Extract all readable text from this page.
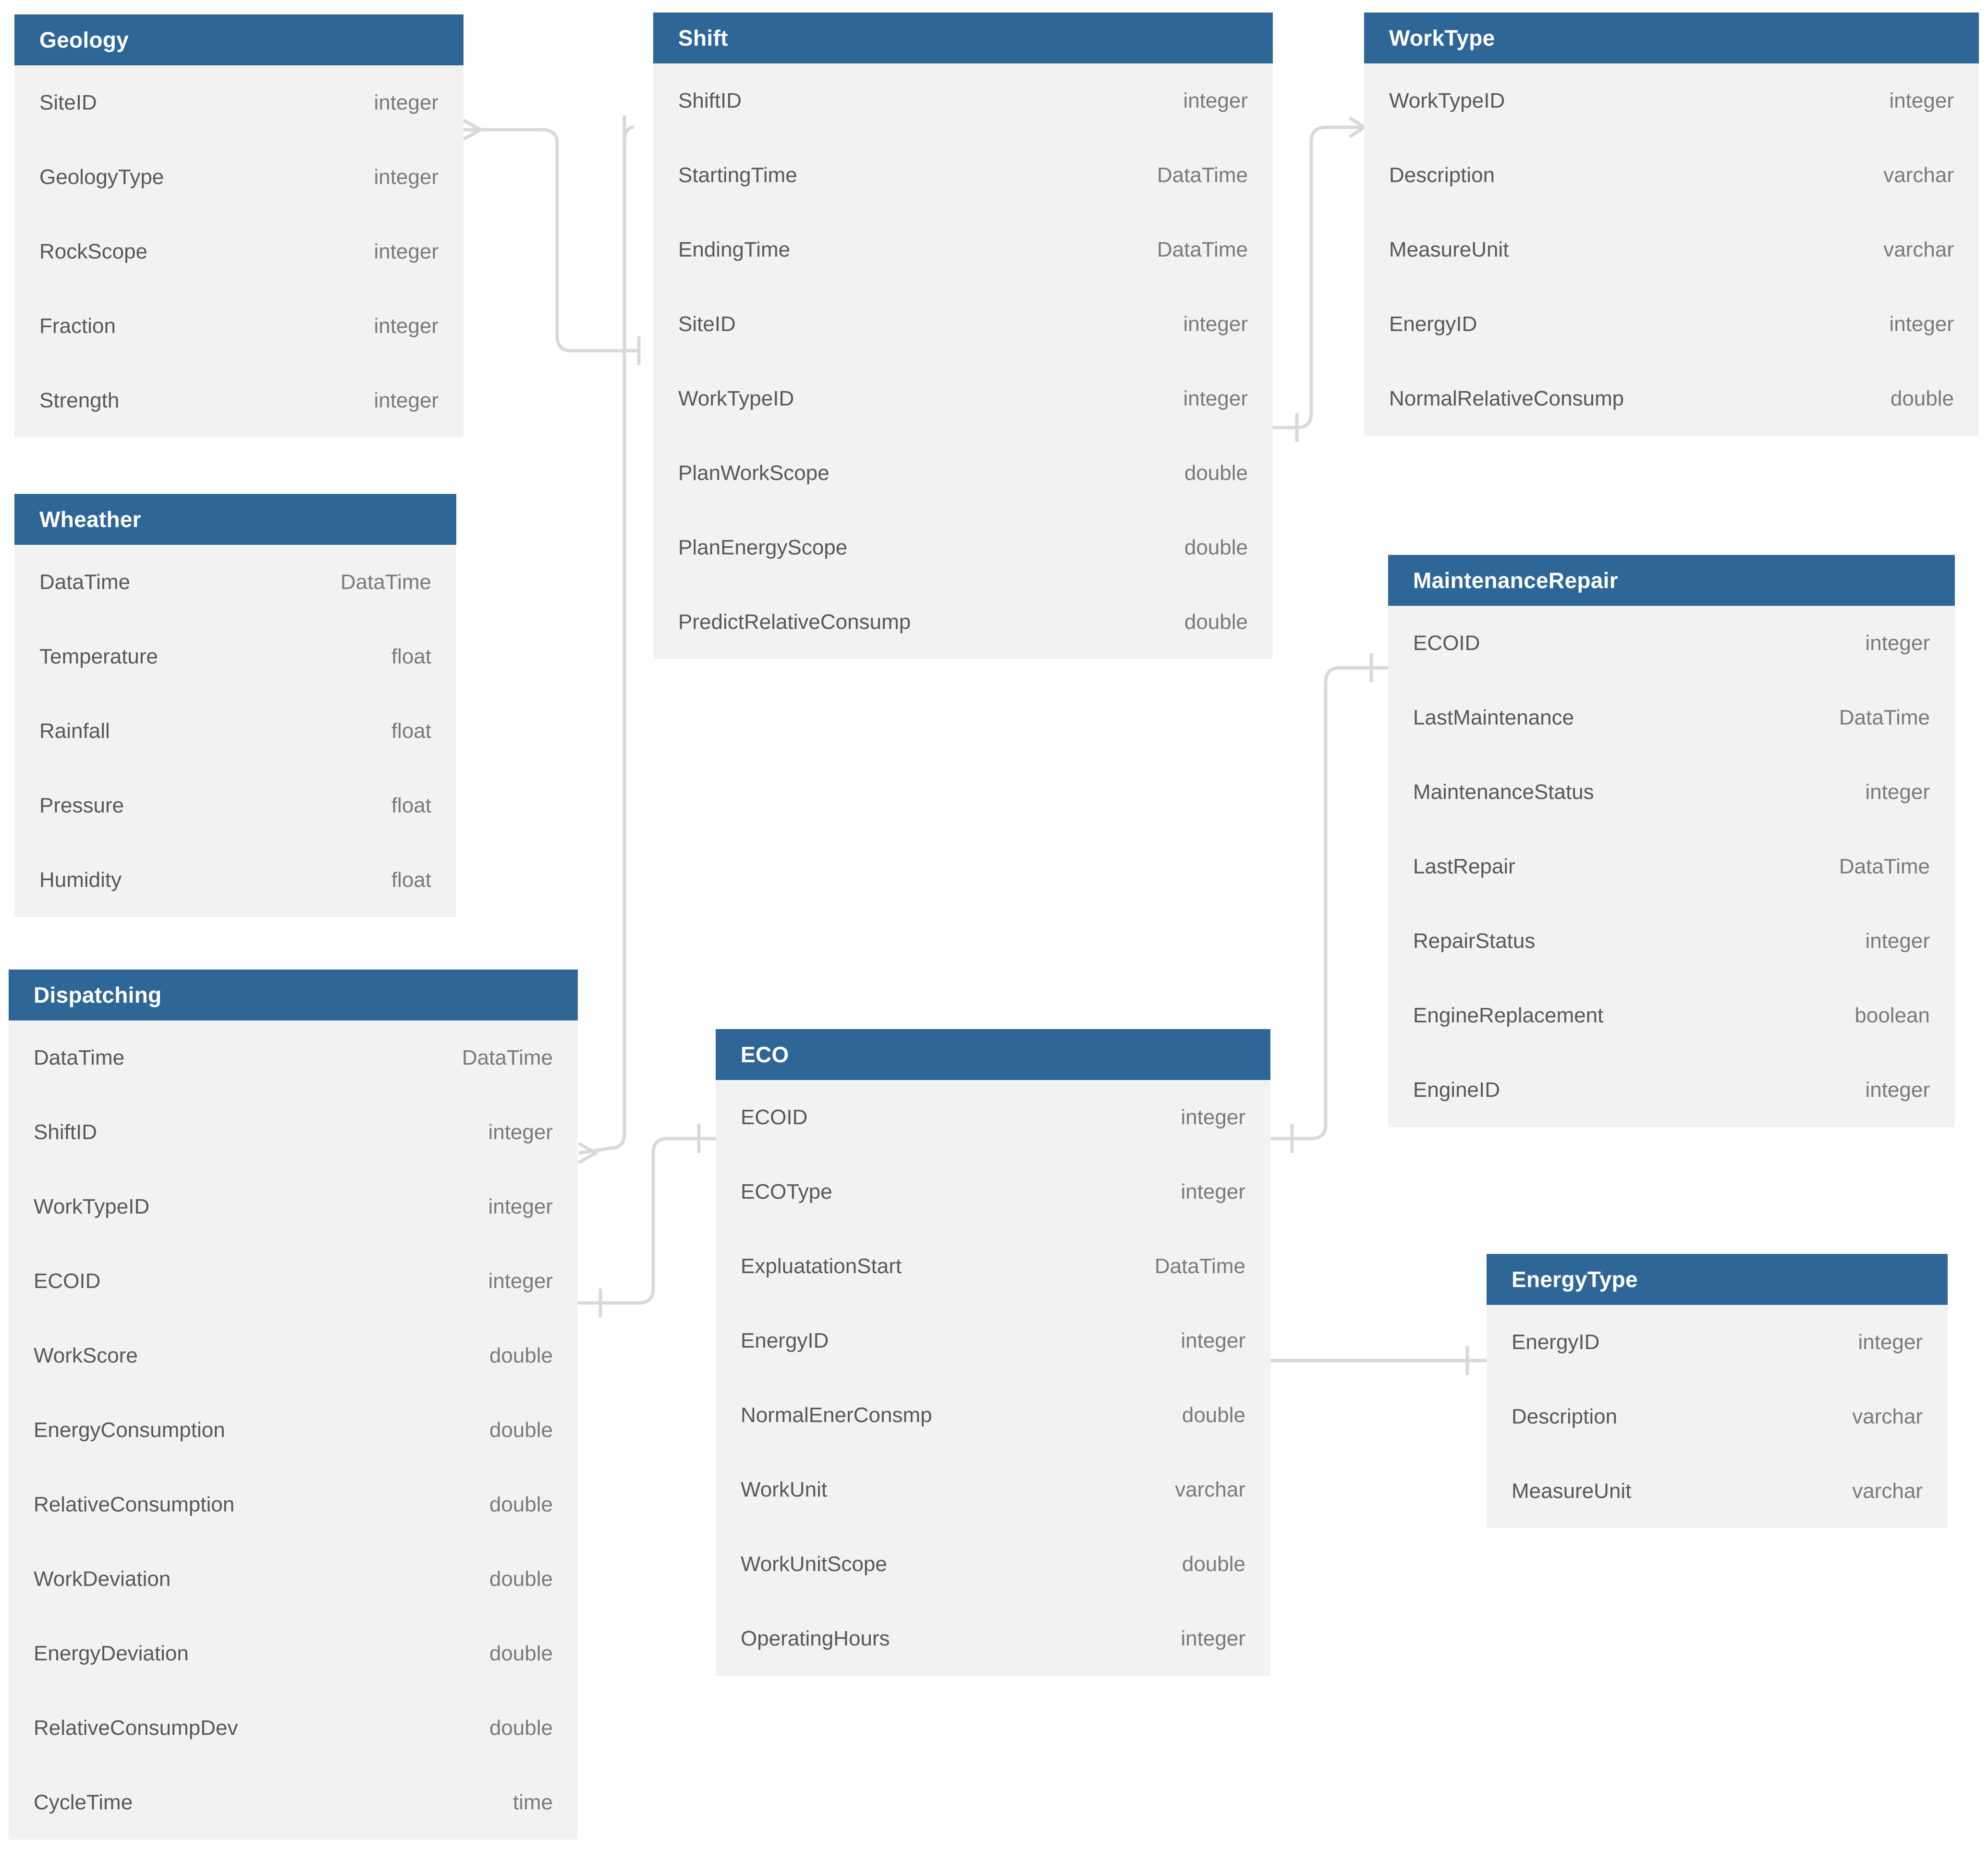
Geology
SiteID	integer
GeologyType	integer
RockScope	integer
Fraction	integer
Strength	integer
Wheather
DataTime	DataTime
Temperature	float
Rainfall	float
Pressure	float
Humidity	float
Dispatching
DataTime	DataTime
ShiftID	integer
WorkTypeID	integer
ECOID	integer
WorkScore	double
EnergyConsumption	double
RelativeConsumption	double
WorkDeviation	double
EnergyDeviation	double
RelativeConsumpDev	double
CycleTime	time
Shift
ShiftID	integer
StartingTime	DataTime
EndingTime	DataTime
SiteID	integer
WorkTypeID	integer
PlanWorkScope	double
PlanEnergyScope	double
PredictRelativeConsump	double
WorkType
WorkTypeID	integer
Description	varchar
MeasureUnit	varchar
EnergyID	integer
NormalRelativeConsump	double
MaintenanceRepair
ECOID	integer
LastMaintenance	DataTime
MaintenanceStatus	integer
LastRepair	DataTime
RepairStatus	integer
EngineReplacement	boolean
EngineID	integer
ECO
ECOID	integer
ECOType	integer
ExpluatationStart	DataTime
EnergyID	integer
NormalEnerConsmp	double
WorkUnit	varchar
WorkUnitScope	double
OperatingHours	integer
EnergyType
EnergyID	integer
Description	varchar
MeasureUnit	varchar
